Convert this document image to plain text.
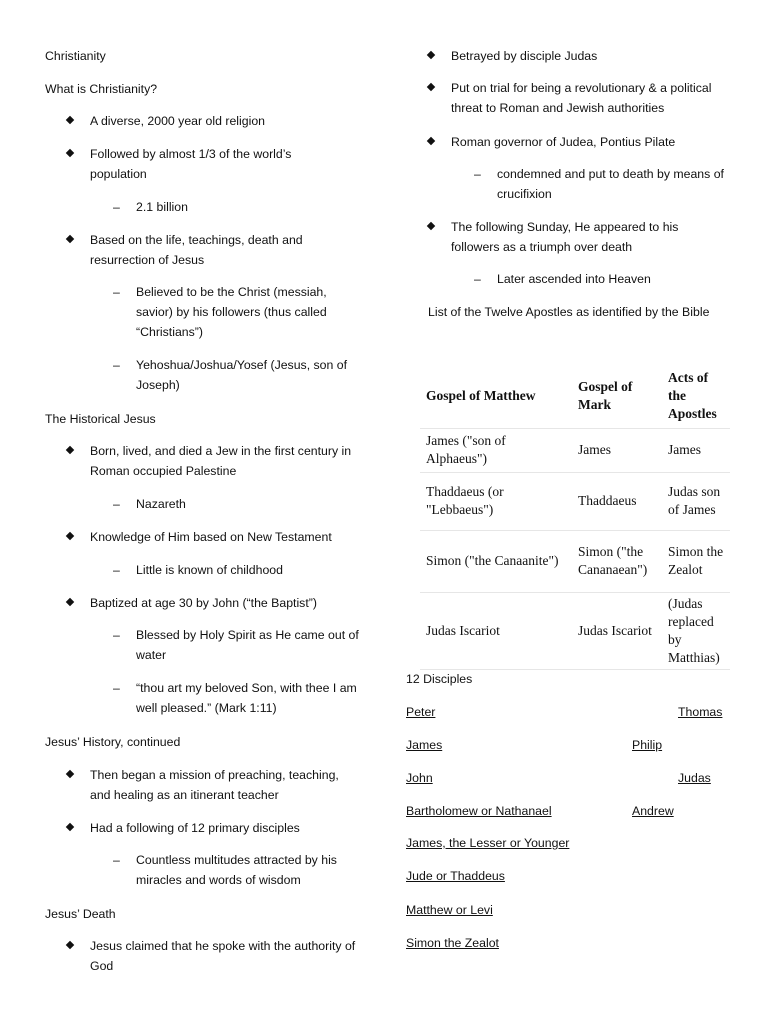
Christianity
What is Christianity?
A diverse, 2000 year old religion
Followed by almost 1/3 of the world’s population
– 2.1 billion
Based on the life, teachings, death and resurrection of Jesus
– Believed to be the Christ (messiah, savior) by his followers (thus called “Christians”)
– Yehoshua/Joshua/Yosef (Jesus, son of Joseph)
The Historical Jesus
Born, lived, and died a Jew in the first century in Roman occupied Palestine
– Nazareth
Knowledge of Him based on New Testament
– Little is known of childhood
Baptized at age 30 by John (“the Baptist”)
– Blessed by Holy Spirit as He came out of water
– “thou art my beloved Son, with thee I am well pleased.” (Mark 1:11)
Jesus’ History, continued
Then began a mission of preaching, teaching, and healing as an itinerant teacher
Had a following of 12 primary disciples
– Countless multitudes attracted by his miracles and words of wisdom
Jesus’ Death
Jesus claimed that he spoke with the authority of God
Betrayed by disciple Judas
Put on trial for being a revolutionary & a political threat to Roman and Jewish authorities
Roman governor of Judea, Pontius Pilate
– condemned and put to death by means of crucifixion
The following Sunday, He appeared to his followers as a triumph over death
– Later ascended into Heaven
List of the Twelve Apostles as identified by the Bible
Gospel of Matthew	Gospel of Mark	Acts of the Apostles
James ("son of Alphaeus")	James	James
Thaddaeus (or "Lebbaeus")	Thaddaeus	Judas son of James
Simon ("the Canaanite")	Simon ("the Cananaean")	Simon the Zealot
Judas Iscariot	Judas Iscariot	(Judas replaced by Matthias)
12 Disciples
Peter	Thomas
James	Philip
John	Judas
Bartholomew or Nathanael	Andrew
James, the Lesser or Younger
Jude or Thaddeus
Matthew or Levi
Simon the Zealot
